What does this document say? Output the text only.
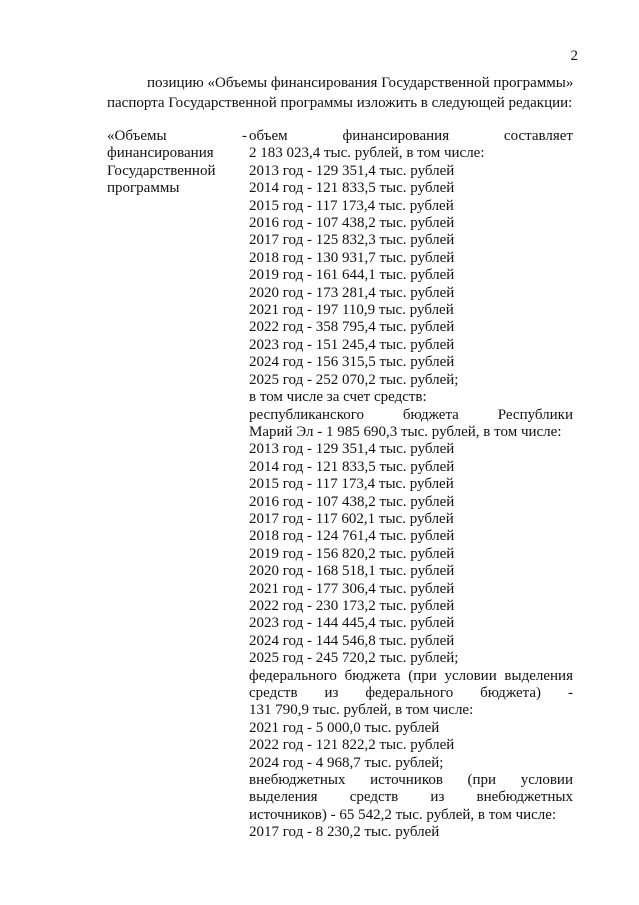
2
позицию «Объемы финансирования Государственной программы»
паспорта Государственной программы изложить в следующей редакции:
«Объемы	-
финансирования
Государственной
программы
объем	финансирования	составляет
2 183 023,4 тыс. рублей, в том числе:
2013 год - 129 351,4 тыс. рублей
2014 год - 121 833,5 тыс. рублей
2015 год - 117 173,4 тыс. рублей
2016 год - 107 438,2 тыс. рублей
2017 год - 125 832,3 тыс. рублей
2018 год - 130 931,7 тыс. рублей
2019 год - 161 644,1 тыс. рублей
2020 год - 173 281,4 тыс. рублей
2021 год - 197 110,9 тыс. рублей
2022 год - 358 795,4 тыс. рублей
2023 год - 151 245,4 тыс. рублей
2024 год - 156 315,5 тыс. рублей
2025 год - 252 070,2 тыс. рублей;
в том числе за счет средств:
республиканского	бюджета	Республики
Марий Эл - 1 985 690,3 тыс. рублей, в том числе:
2013 год - 129 351,4 тыс. рублей
2014 год - 121 833,5 тыс. рублей
2015 год - 117 173,4 тыс. рублей
2016 год - 107 438,2 тыс. рублей
2017 год - 117 602,1 тыс. рублей
2018 год - 124 761,4 тыс. рублей
2019 год - 156 820,2 тыс. рублей
2020 год - 168 518,1 тыс. рублей
2021 год - 177 306,4 тыс. рублей
2022 год - 230 173,2 тыс. рублей
2023 год - 144 445,4 тыс. рублей
2024 год - 144 546,8 тыс. рублей
2025 год - 245 720,2 тыс. рублей;
федерального бюджета (при условии выделения
средств из федерального бюджета) -
131 790,9 тыс. рублей, в том числе:
2021 год - 5 000,0 тыс. рублей
2022 год - 121 822,2 тыс. рублей
2024 год - 4 968,7 тыс. рублей;
внебюджетных источников (при условии
выделения средств из внебюджетных
источников) - 65 542,2 тыс. рублей, в том числе:
2017 год - 8 230,2 тыс. рублей
